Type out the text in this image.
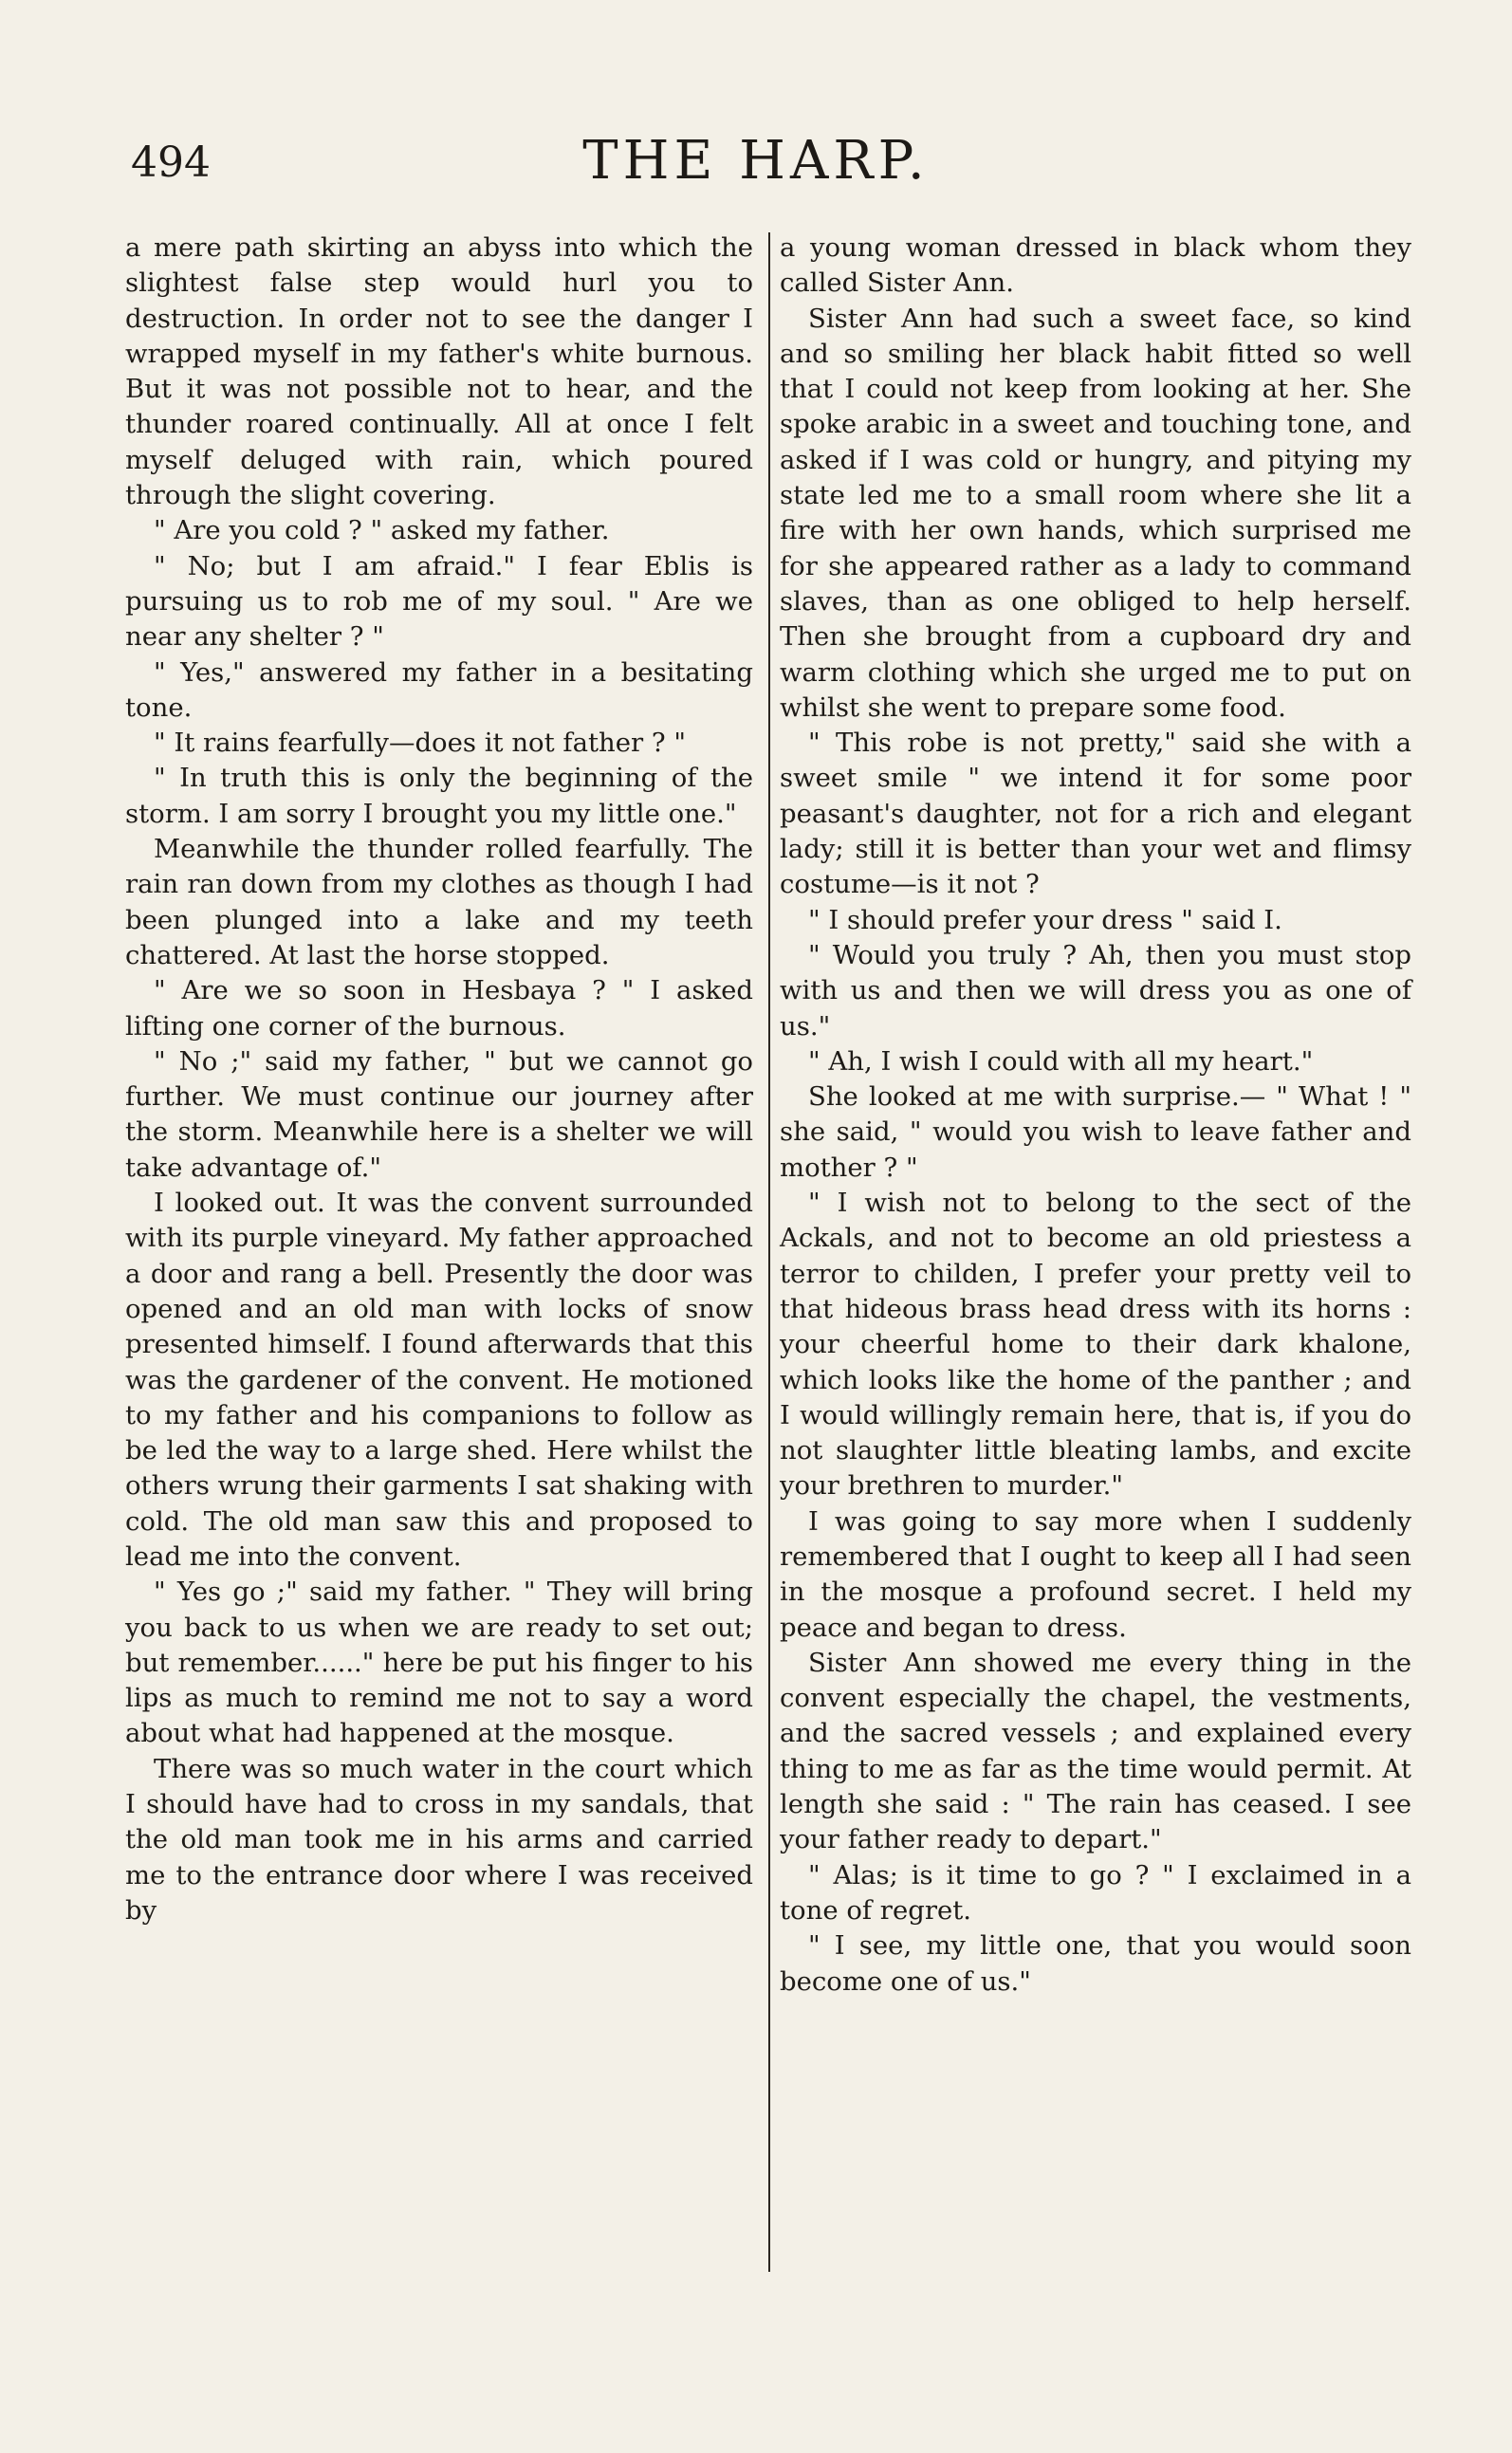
494	THE HARP.

a mere path skirting an abyss into which the slightest false step would hurl you to destruction. In order not to see the danger I wrapped myself in my father's white burnous. But it was not possible not to hear, and the thunder roared continually. All at once I felt myself deluged with rain, which poured through the slight covering.

" Are you cold ? " asked my father.

" No; but I am afraid." I fear Eblis is pursuing us to rob me of my soul. " Are we near any shelter ? "

" Yes," answered my father in a besitating tone.

" It rains fearfully—does it not father ? "

" In truth this is only the beginning of the storm. I am sorry I brought you my little one."

Meanwhile the thunder rolled fearfully. The rain ran down from my clothes as though I had been plunged into a lake and my teeth chattered. At last the horse stopped.

" Are we so soon in Hesbaya ? " I asked lifting one corner of the burnous.

" No ;" said my father, " but we cannot go further. We must continue our journey after the storm. Meanwhile here is a shelter we will take advantage of."

I looked out. It was the convent surrounded with its purple vineyard. My father approached a door and rang a bell. Presently the door was opened and an old man with locks of snow presented himself. I found afterwards that this was the gardener of the convent. He motioned to my father and his companions to follow as be led the way to a large shed. Here whilst the others wrung their garments I sat shaking with cold. The old man saw this and proposed to lead me into the convent.

" Yes go ;" said my father. " They will bring you back to us when we are ready to set out; but remember......" here be put his finger to his lips as much to remind me not to say a word about what had happened at the mosque.

There was so much water in the court which I should have had to cross in my sandals, that the old man took me in his arms and carried me to the entrance door where I was received by

a young woman dressed in black whom they called Sister Ann.

Sister Ann had such a sweet face, so kind and so smiling her black habit fitted so well that I could not keep from looking at her. She spoke arabic in a sweet and touching tone, and asked if I was cold or hungry, and pitying my state led me to a small room where she lit a fire with her own hands, which surprised me for she appeared rather as a lady to command slaves, than as one obliged to help herself. Then she brought from a cupboard dry and warm clothing which she urged me to put on whilst she went to prepare some food.

" This robe is not pretty," said she with a sweet smile " we intend it for some poor peasant's daughter, not for a rich and elegant lady; still it is better than your wet and flimsy costume—is it not ?

" I should prefer your dress " said I.

" Would you truly ? Ah, then you must stop with us and then we will dress you as one of us."

" Ah, I wish I could with all my heart."

She looked at me with surprise.— " What ! " she said, " would you wish to leave father and mother ? "

" I wish not to belong to the sect of the Ackals, and not to become an old priestess a terror to childen, I prefer your pretty veil to that hideous brass head dress with its horns : your cheerful home to their dark khalone, which looks like the home of the panther ; and I would willingly remain here, that is, if you do not slaughter little bleating lambs, and excite your brethren to murder."

I was going to say more when I suddenly remembered that I ought to keep all I had seen in the mosque a profound secret. I held my peace and began to dress.

Sister Ann showed me every thing in the convent especially the chapel, the vestments, and the sacred vessels ; and explained every thing to me as far as the time would permit. At length she said : " The rain has ceased. I see your father ready to depart."

" Alas; is it time to go ? " I exclaimed in a tone of regret.

" I see, my little one, that you would soon become one of us."
